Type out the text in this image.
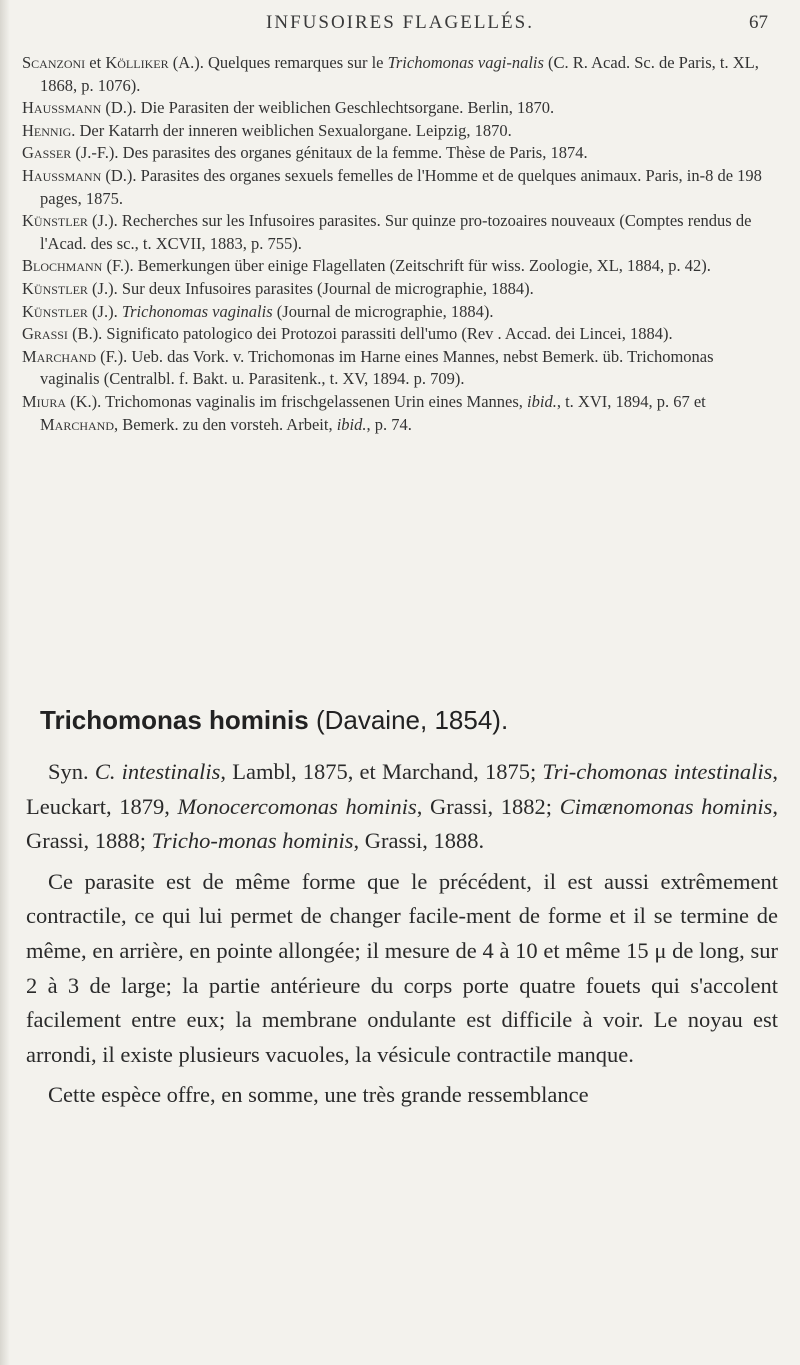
INFUSOIRES FLAGELLÉS.	67

Scanzoni et Kölliker (A.). Quelques remarques sur le Trichomonas vagi-nalis (C. R. Acad. Sc. de Paris, t. XL, 1868, p. 1076).

Haussmann (D.). Die Parasiten der weiblichen Geschlechtsorgane. Berlin, 1870.

Hennig. Der Katarrh der inneren weiblichen Sexualorgane. Leipzig, 1870.

Gasser (J.-F.). Des parasites des organes génitaux de la femme. Thèse de Paris, 1874.

Haussmann (D.). Parasites des organes sexuels femelles de l'Homme et de quelques animaux. Paris, in-8 de 198 pages, 1875.

Künstler (J.). Recherches sur les Infusoires parasites. Sur quinze pro-tozoaires nouveaux (Comptes rendus de l'Acad. des sc., t. XCVII, 1883, p. 755).

Blochmann (F.). Bemerkungen über einige Flagellaten (Zeitschrift für wiss. Zoologie, XL, 1884, p. 42).

Künstler (J.). Sur deux Infusoires parasites (Journal de micrographie, 1884).

Künstler (J.). Trichonomas vaginalis (Journal de micrographie, 1884).

Grassi (B.). Significato patologico dei Protozoi parassiti dell'umo (Rev . Accad. dei Lincei, 1884).

Marchand (F.). Ueb. das Vork. v. Trichomonas im Harne eines Mannes, nebst Bemerk. üb. Trichomonas vaginalis (Centralbl. f. Bakt. u. Parasitenk., t. XV, 1894. p. 709).

Miura (K.). Trichomonas vaginalis im frischgelassenen Urin eines Mannes, ibid., t. XVI, 1894, p. 67 et Marchand, Bemerk. zu den vorsteh. Arbeit, ibid., p. 74.

Trichomonas hominis (Davaine, 1854).

Syn. C. intestinalis, Lambl, 1875, et Marchand, 1875; Tri-chomonas intestinalis, Leuckart, 1879, Monocercomonas hominis, Grassi, 1882; Cimænomonas hominis, Grassi, 1888; Tricho-monas hominis, Grassi, 1888.

Ce parasite est de même forme que le précédent, il est aussi extrêmement contractile, ce qui lui permet de changer facile-ment de forme et il se termine de même, en arrière, en pointe allongée; il mesure de 4 à 10 et même 15 μ de long, sur 2 à 3 de large; la partie antérieure du corps porte quatre fouets qui s'accolent facilement entre eux; la membrane ondulante est difficile à voir. Le noyau est arrondi, il existe plusieurs vacuoles, la vésicule contractile manque.

Cette espèce offre, en somme, une très grande ressemblance
